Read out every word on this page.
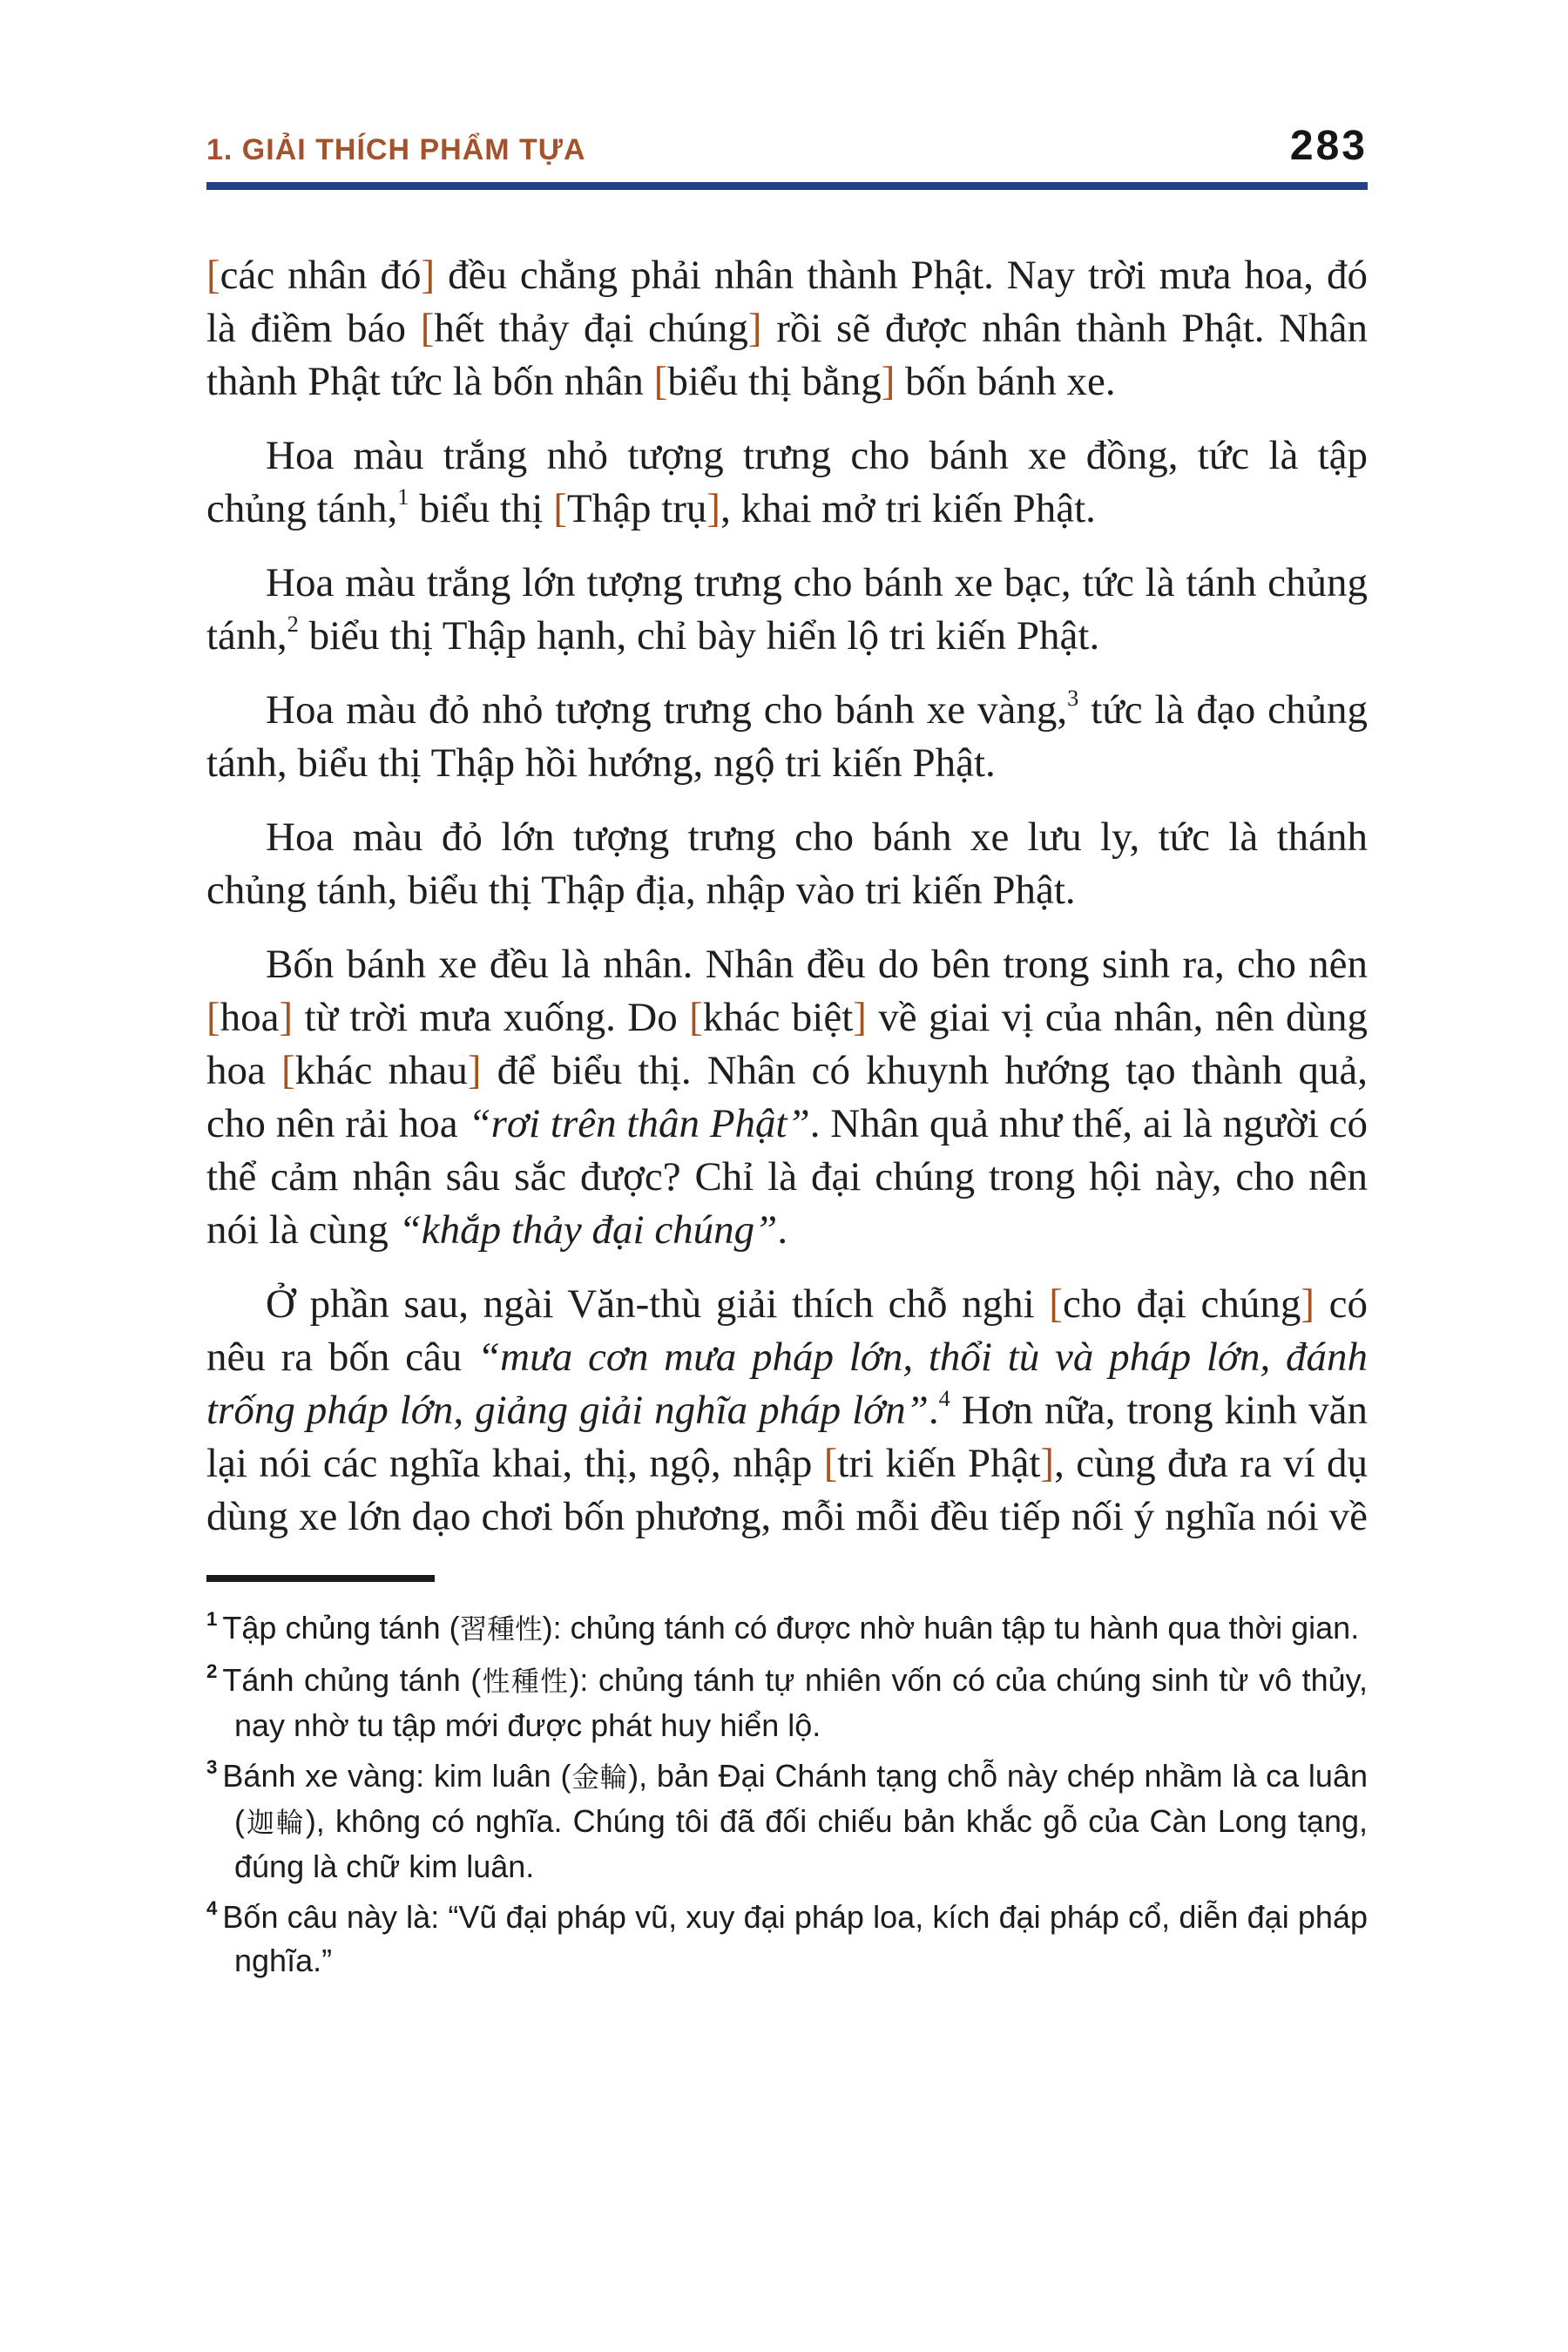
1. GIẢI THÍCH PHẨM TỰA	283

[các nhân đó] đều chẳng phải nhân thành Phật. Nay trời mưa hoa, đó là điềm báo [hết thảy đại chúng] rồi sẽ được nhân thành Phật. Nhân thành Phật tức là bốn nhân [biểu thị bằng] bốn bánh xe.

Hoa màu trắng nhỏ tượng trưng cho bánh xe đồng, tức là tập chủng tánh,$^1$ biểu thị [Thập trụ], khai mở tri kiến Phật.

Hoa màu trắng lớn tượng trưng cho bánh xe bạc, tức là tánh chủng tánh,$^2$ biểu thị Thập hạnh, chỉ bày hiển lộ tri kiến Phật.

Hoa màu đỏ nhỏ tượng trưng cho bánh xe vàng,$^3$ tức là đạo chủng tánh, biểu thị Thập hồi hướng, ngộ tri kiến Phật.

Hoa màu đỏ lớn tượng trưng cho bánh xe lưu ly, tức là thánh chủng tánh, biểu thị Thập địa, nhập vào tri kiến Phật.

Bốn bánh xe đều là nhân. Nhân đều do bên trong sinh ra, cho nên [hoa] từ trời mưa xuống. Do [khác biệt] về giai vị của nhân, nên dùng hoa [khác nhau] để biểu thị. Nhân có khuynh hướng tạo thành quả, cho nên rải hoa “rơi trên thân Phật”. Nhân quả như thế, ai là người có thể cảm nhận sâu sắc được? Chỉ là đại chúng trong hội này, cho nên nói là cùng “khắp thảy đại chúng”.

Ở phần sau, ngài Văn-thù giải thích chỗ nghi [cho đại chúng] có nêu ra bốn câu “mưa cơn mưa pháp lớn, thổi tù và pháp lớn, đánh trống pháp lớn, giảng giải nghĩa pháp lớn”.$^4$ Hơn nữa, trong kinh văn lại nói các nghĩa khai, thị, ngộ, nhập [tri kiến Phật], cùng đưa ra ví dụ dùng xe lớn dạo chơi bốn phương, mỗi mỗi đều tiếp nối ý nghĩa nói về

$^1$ Tập chủng tánh (習種性): chủng tánh có được nhờ huân tập tu hành qua thời gian.
$^2$ Tánh chủng tánh (性種性): chủng tánh tự nhiên vốn có của chúng sinh từ vô thủy, nay nhờ tu tập mới được phát huy hiển lộ.
$^3$ Bánh xe vàng: kim luân (金輪), bản Đại Chánh tạng chỗ này chép nhầm là ca luân (迦輪), không có nghĩa. Chúng tôi đã đối chiếu bản khắc gỗ của Càn Long tạng, đúng là chữ kim luân.
$^4$ Bốn câu này là: “Vũ đại pháp vũ, xuy đại pháp loa, kích đại pháp cổ, diễn đại pháp nghĩa.”
